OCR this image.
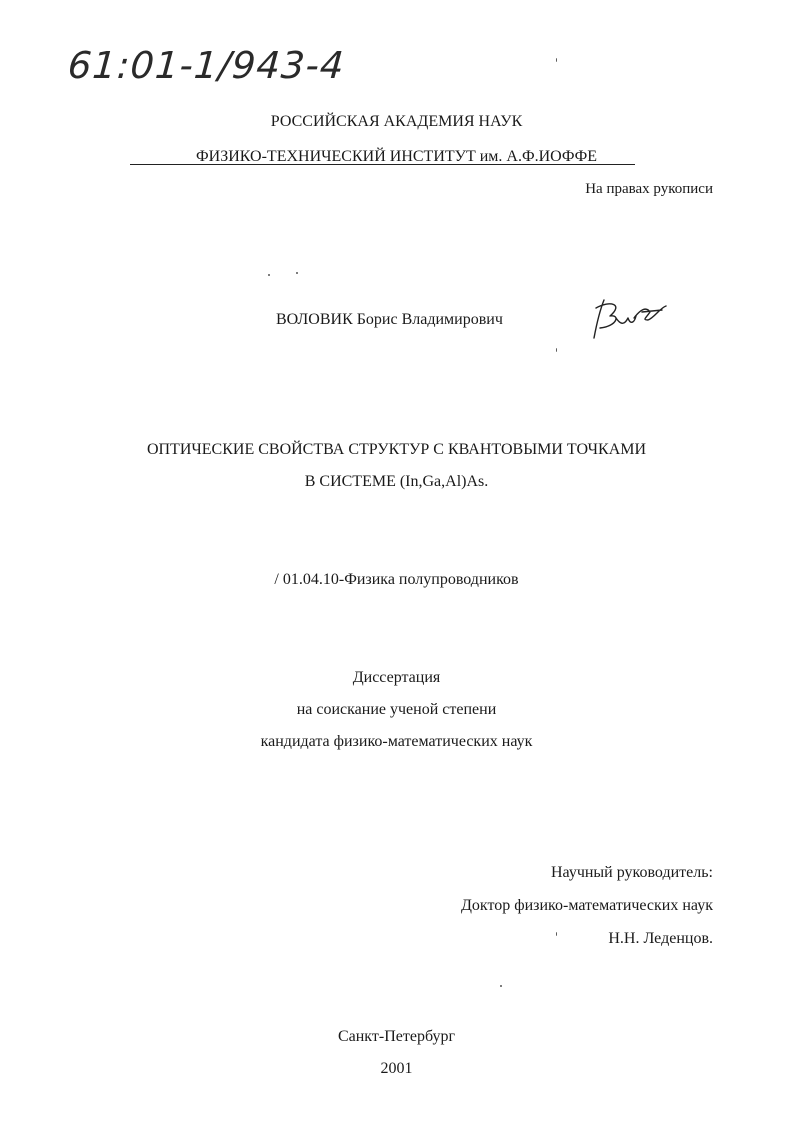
61:01-1/943-4
РОССИЙСКАЯ АКАДЕМИЯ НАУК
ФИЗИКО-ТЕХНИЧЕСКИЙ ИНСТИТУТ им. А.Ф.ИОФФЕ
На правах рукописи
ВОЛОВИК Борис Владимирович
ОПТИЧЕСКИЕ СВОЙСТВА СТРУКТУР С КВАНТОВЫМИ ТОЧКАМИ
В СИСТЕМЕ (In,Ga,Al)As.
/ 01.04.10-Физика полупроводников
Диссертация
на соискание ученой степени
кандидата физико-математических наук
Научный руководитель:
Доктор физико-математических наук
Н.Н. Леденцов.
Санкт-Петербург
2001
